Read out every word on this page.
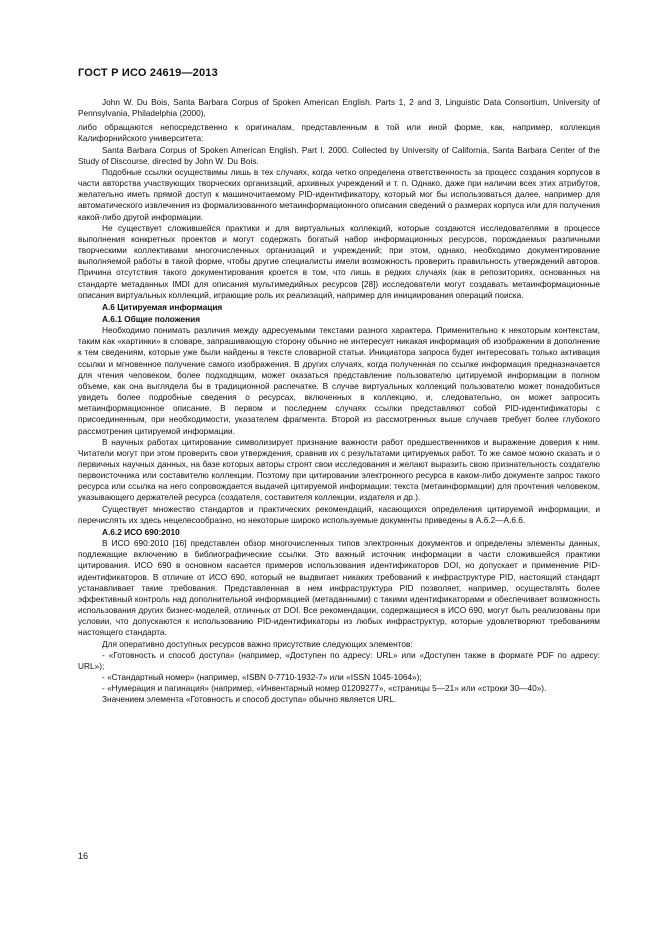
ГОСТ Р ИСО 24619—2013

John W. Du Bois, Santa Barbara Corpus of Spoken American English. Parts 1, 2 and 3, Linguistic Data Consortium, University of Pennsylvania, Philadelphia (2000),

либо обращаются непосредственно к оригиналам, представленным в той или иной форме, как, например, коллекция Калифорнийского университета:

Santa Barbara Corpus of Spoken American English. Part I. 2000. Collected by University of California, Santa Barbara Center of the Study of Discourse, directed by John W. Du Bois.

Подобные ссылки осуществимы лишь в тех случаях, когда четко определена ответственность за процесс создания корпусов в части авторства участвующих творческих организаций, архивных учреждений и т. п. Однако, даже при наличии всех этих атрибутов, желательно иметь прямой доступ к машиночитаемому PID-идентификатору, который мог бы использоваться далее, например для автоматического извлечения из формализованного метаинформационного описания сведений о размерах корпуса или для получения какой-либо другой информации.

Не существует сложившейся практики и для виртуальных коллекций, которые создаются исследователями в процессе выполнения конкретных проектов и могут содержать богатый набор информационных ресурсов, порождаемых различными творческими коллективами многочисленных организаций и учреждений; при этом, однако, необходимо документирование выполняемой работы в такой форме, чтобы другие специалисты имели возможность проверить правильность утверждений авторов. Причина отсутствия такого документирования кроется в том, что лишь в редких случаях (как в репозиториях, основанных на стандарте метаданных IMDI для описания мультимедийных ресурсов [28]) исследователи могут создавать метаинформационные описания виртуальных коллекций, играющие роль их реализаций, например для инициирования операций поиска.

A.6 Цитируемая информация

A.6.1 Общие положения

Необходимо понимать различия между адресуемыми текстами разного характера. Применительно к некоторым контекстам, таким как «картинки» в словаре, запрашивающую сторону обычно не интересует никакая информация об изображении в дополнение к тем сведениям, которые уже были найдены в тексте словарной статьи. Инициатора запроса будет интересовать только активация ссылки и мгновенное получение самого изображения. В других случаях, когда полученная по ссылке информация предназначается для чтения человеком, более подходящим, может оказаться представление пользователю цитируемой информации в полном объеме, как она выглядела бы в традиционной распечатке. В случае виртуальных коллекций пользователю может понадобиться увидеть более подробные сведения о ресурсах, включенных в коллекцию, и, следовательно, он может запросить метаинформационное описание. В первом и последнем случаях ссылки представляют собой PID-идентификаторы с присоединенным, при необходимости, указателем фрагмента. Второй из рассмотренных выше случаев требует более глубокого рассмотрения цитируемой информации.

В научных работах цитирование символизирует признание важности работ предшественников и выражение доверия к ним. Читатели могут при этом проверить свои утверждения, сравнив их с результатами цитируемых работ. То же самое можно сказать и о первичных научных данных, на базе которых авторы строят свои исследования и желают выразить свою признательность создателю первоисточника или составителю коллекции. Поэтому при цитировании электронного ресурса в каком-либо документе запрос такого ресурса или ссылка на него сопровождается выдачей цитируемой информации: текста (метаинформации) для прочтения человеком, указывающего держателей ресурса (создателя, составителя коллекции, издателя и др.).

Существует множество стандартов и практических рекомендаций, касающихся определения цитируемой информации, и перечислять их здесь нецелесообразно, но некоторые широко используемые документы приведены в A.6.2—A.6.6.

A.6.2 ИСО 690:2010

В ИСО 690:2010 [16] представлен обзор многочисленных типов электронных документов и определены элементы данных, подлежащие включению в библиографические ссылки. Это важный источник информации в части сложившейся практики цитирования. ИСО 690 в основном касается примеров использования идентификаторов DOI, но допускает и применение PID-идентификаторов. В отличие от ИСО 690, который не выдвигает никаких требований к инфраструктуре PID, настоящий стандарт устанавливает такие требования. Представленная в нем инфраструктура PID позволяет, например, осуществлять более эффективный контроль над дополнительной информацией (метаданными) с такими идентификаторами и обеспечивает возможность использования других бизнес-моделей, отличных от DOI. Все рекомендации, содержащиеся в ИСО 690, могут быть реализованы при условии, что допускаются к использованию PID-идентификаторы из любых инфраструктур, которые удовлетворяют требованиям настоящего стандарта.

Для оперативно доступных ресурсов важно присутствие следующих элементов:

- «Готовность и способ доступа» (например, «Доступен по адресу: URL» или «Доступен также в формате PDF по адресу: URL»);

- «Стандартный номер» (например, «ISBN 0-7710-1932-7» или «ISSN 1045-1064»);

- «Нумерация и пагинация» (например, «Инвентарный номер 01209277», «страницы 5—21» или «строки 30—40»).

Значением элемента «Готовность и способ доступа» обычно является URL.

16
